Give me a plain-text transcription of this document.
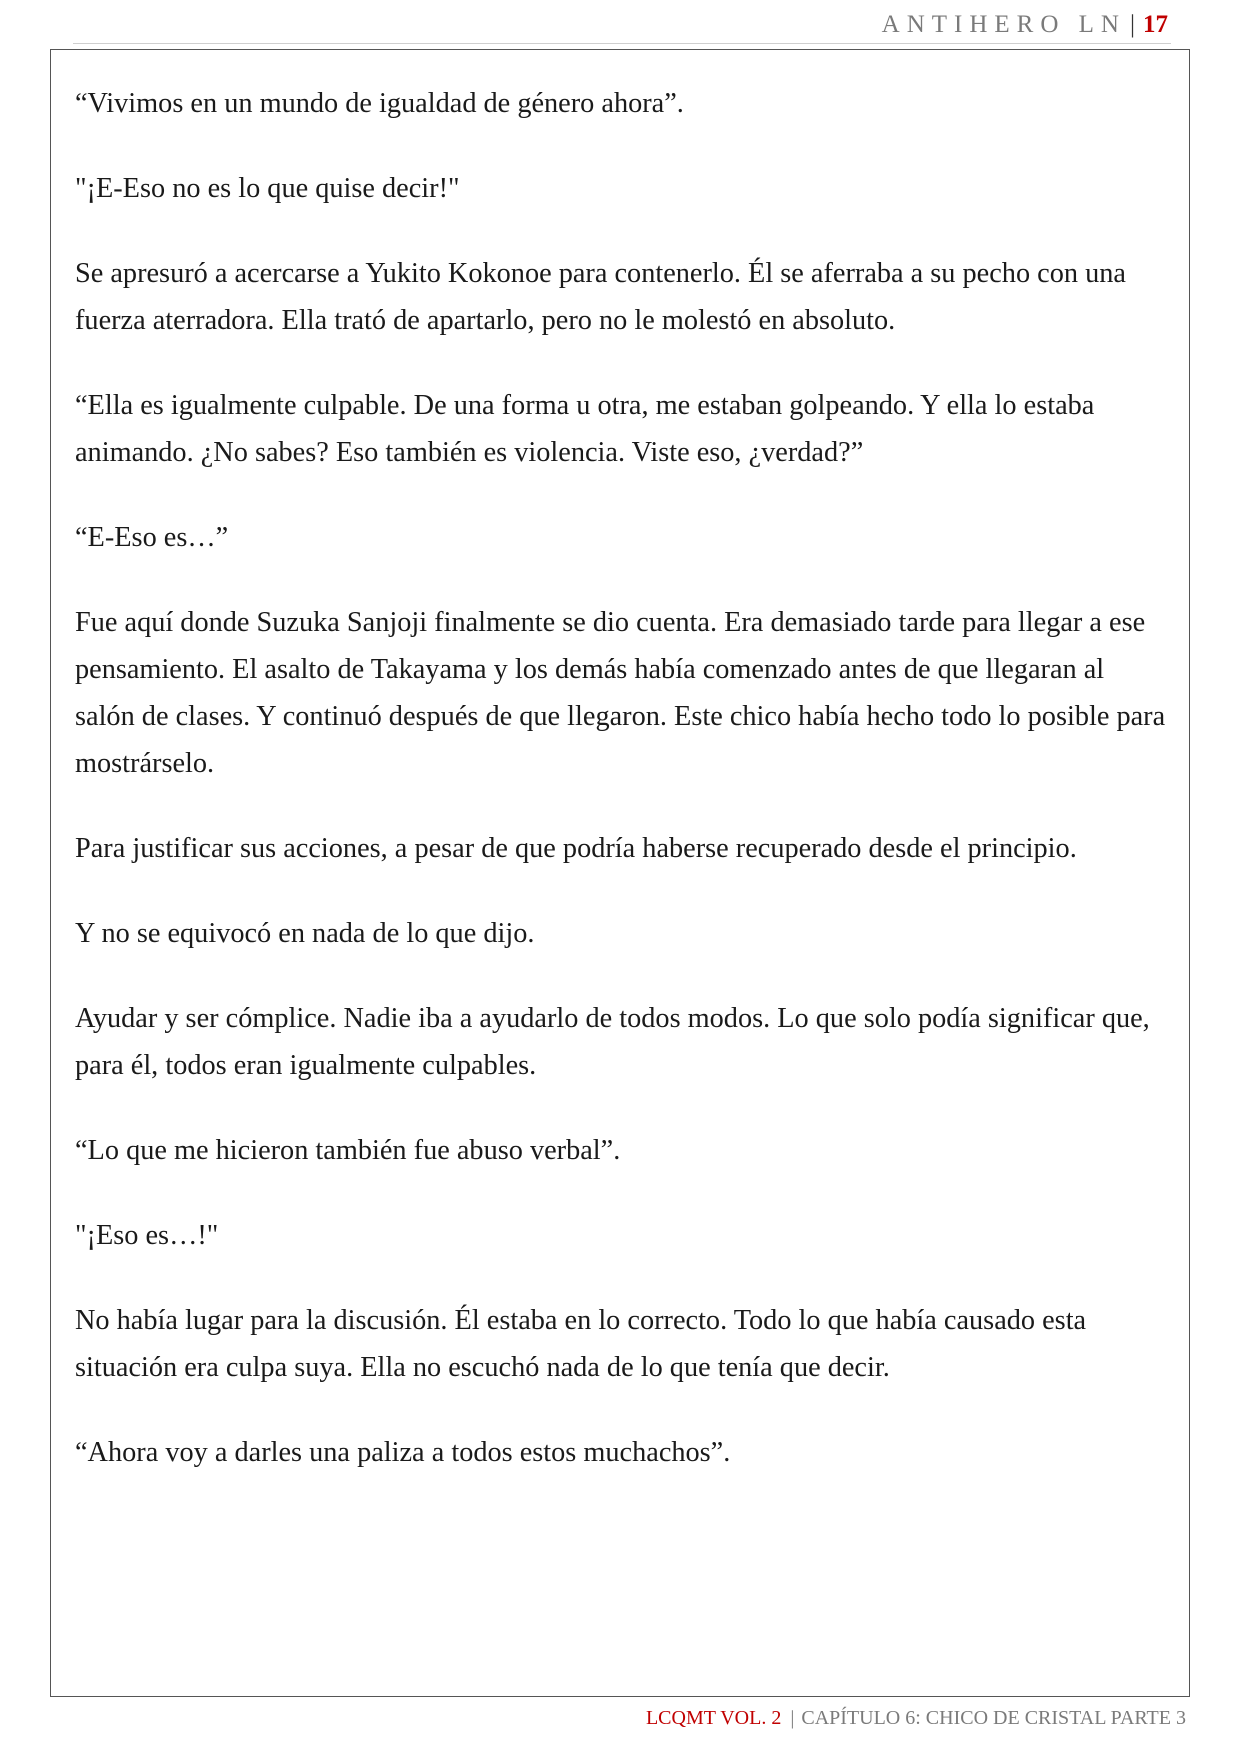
ANTIHERO LN | 17

“Vivimos en un mundo de igualdad de género ahora”.

"¡E-Eso no es lo que quise decir!"

Se apresuró a acercarse a Yukito Kokonoe para contenerlo. Él se aferraba a su pecho con una fuerza aterradora. Ella trató de apartarlo, pero no le molestó en absoluto.

“Ella es igualmente culpable. De una forma u otra, me estaban golpeando. Y ella lo estaba animando. ¿No sabes? Eso también es violencia. Viste eso, ¿verdad?”

“E-Eso es…”

Fue aquí donde Suzuka Sanjoji finalmente se dio cuenta. Era demasiado tarde para llegar a ese pensamiento. El asalto de Takayama y los demás había comenzado antes de que llegaran al salón de clases. Y continuó después de que llegaron. Este chico había hecho todo lo posible para mostrárselo.

Para justificar sus acciones, a pesar de que podría haberse recuperado desde el principio.

Y no se equivocó en nada de lo que dijo.

Ayudar y ser cómplice. Nadie iba a ayudarlo de todos modos. Lo que solo podía significar que, para él, todos eran igualmente culpables.

“Lo que me hicieron también fue abuso verbal”.

"¡Eso es…!"

No había lugar para la discusión. Él estaba en lo correcto. Todo lo que había causado esta situación era culpa suya. Ella no escuchó nada de lo que tenía que decir.

“Ahora voy a darles una paliza a todos estos muchachos”.

LCQMT VOL. 2 | CAPÍTULO 6: CHICO DE CRISTAL PARTE 3
